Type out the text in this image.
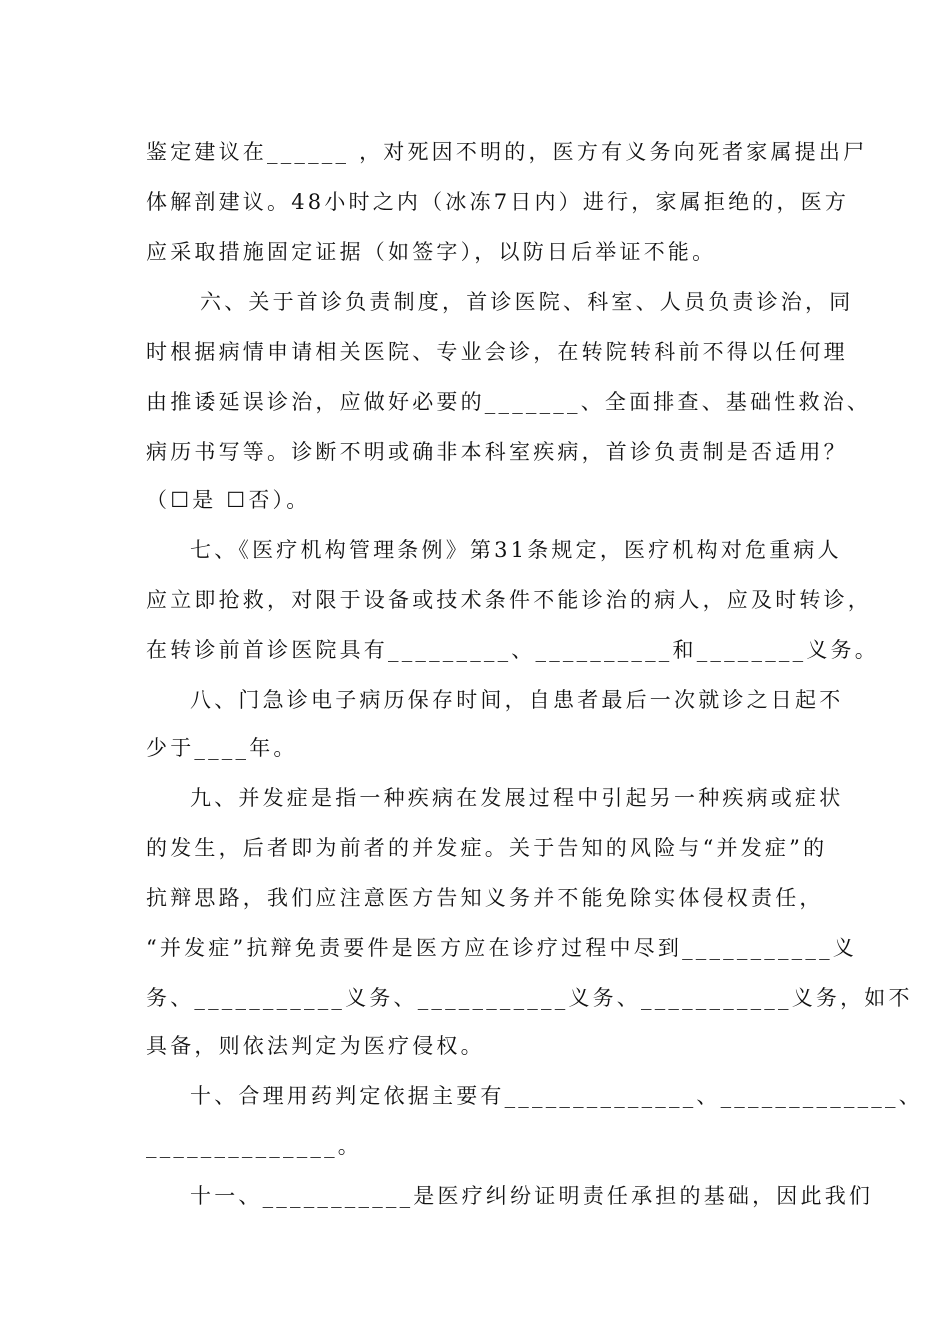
鉴定建议在______ ，对死因不明的，医方有义务向死者家属提出尸
体解剖建议。48小时之内（冰冻7日内）进行，家属拒绝的，医方
应采取措施固定证据（如签字），以防日后举证不能。
六、关于首诊负责制度，首诊医院、科室、人员负责诊治，同
时根据病情申请相关医院、专业会诊，在转院转科前不得以任何理
由推诿延误诊治，应做好必要的_______、全面排查、基础性救治、
病历书写等。诊断不明或确非本科室疾病，首诊负责制是否适用？
（☐是 ☐否）。
七、《医疗机构管理条例》第31条规定，医疗机构对危重病人
应立即抢救，对限于设备或技术条件不能诊治的病人，应及时转诊，
在转诊前首诊医院具有_________、__________和________义务。
八、门急诊电子病历保存时间，自患者最后一次就诊之日起不
少于____年。
九、并发症是指一种疾病在发展过程中引起另一种疾病或症状
的发生，后者即为前者的并发症。关于告知的风险与“并发症”的
抗辩思路，我们应注意医方告知义务并不能免除实体侵权责任，
“并发症”抗辩免责要件是医方应在诊疗过程中尽到___________义
务、___________义务、___________义务、___________义务，如不
具备，则依法判定为医疗侵权。
十、合理用药判定依据主要有______________、_____________、
______________。
十一、___________是医疗纠纷证明责任承担的基础，因此我们
